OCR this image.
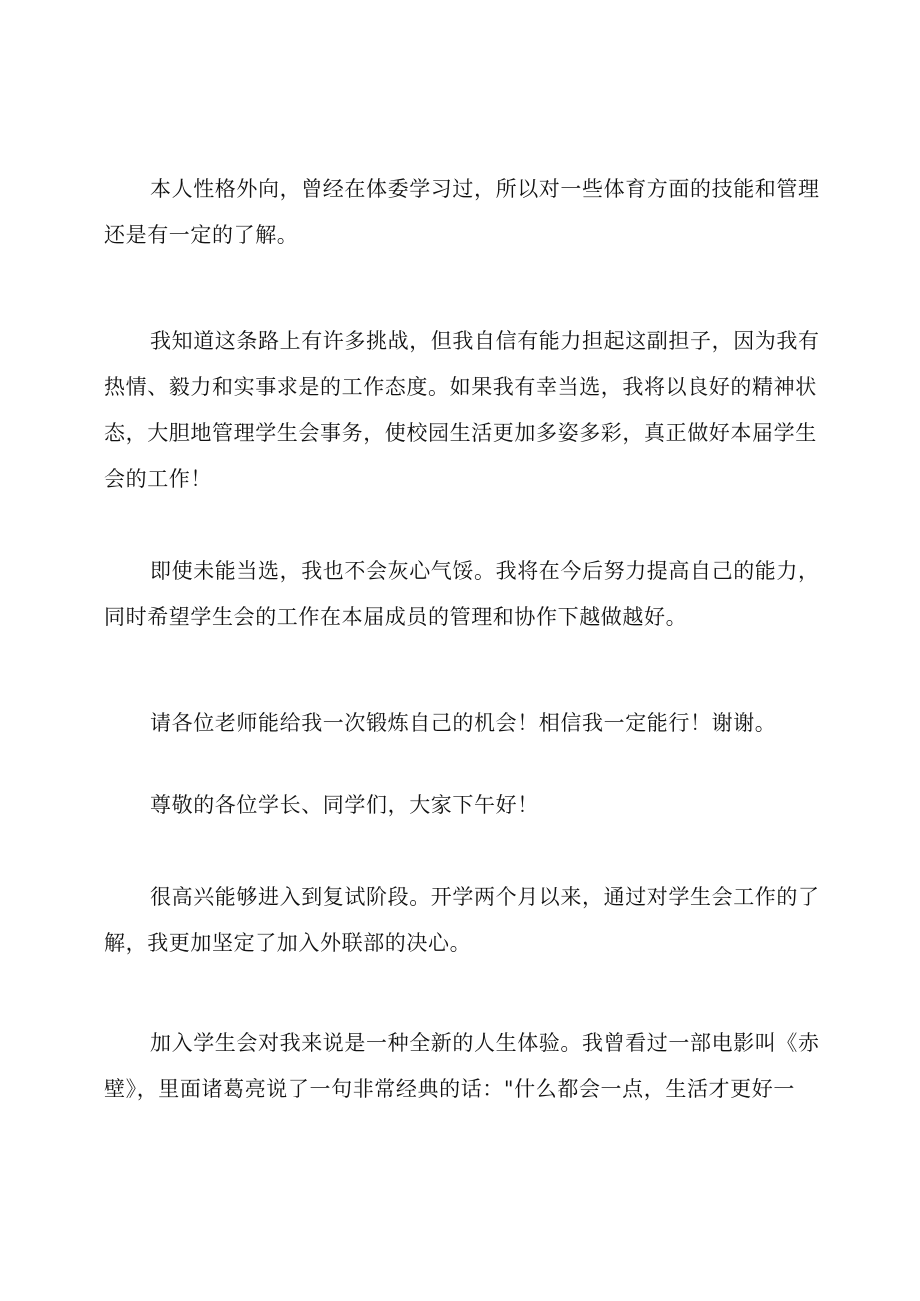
本人性格外向，曾经在体委学习过，所以对一些体育方面的技能和管理还是有一定的了解。

我知道这条路上有许多挑战，但我自信有能力担起这副担子，因为我有热情、毅力和实事求是的工作态度。如果我有幸当选，我将以良好的精神状态，大胆地管理学生会事务，使校园生活更加多姿多彩，真正做好本届学生会的工作！

即使未能当选，我也不会灰心气馁。我将在今后努力提高自己的能力，同时希望学生会的工作在本届成员的管理和协作下越做越好。

请各位老师能给我一次锻炼自己的机会！相信我一定能行！谢谢。

尊敬的各位学长、同学们，大家下午好！

很高兴能够进入到复试阶段。开学两个月以来，通过对学生会工作的了解，我更加坚定了加入外联部的决心。

加入学生会对我来说是一种全新的人生体验。我曾看过一部电影叫《赤壁》，里面诸葛亮说了一句非常经典的话："什么都会一点，生活才更好一
